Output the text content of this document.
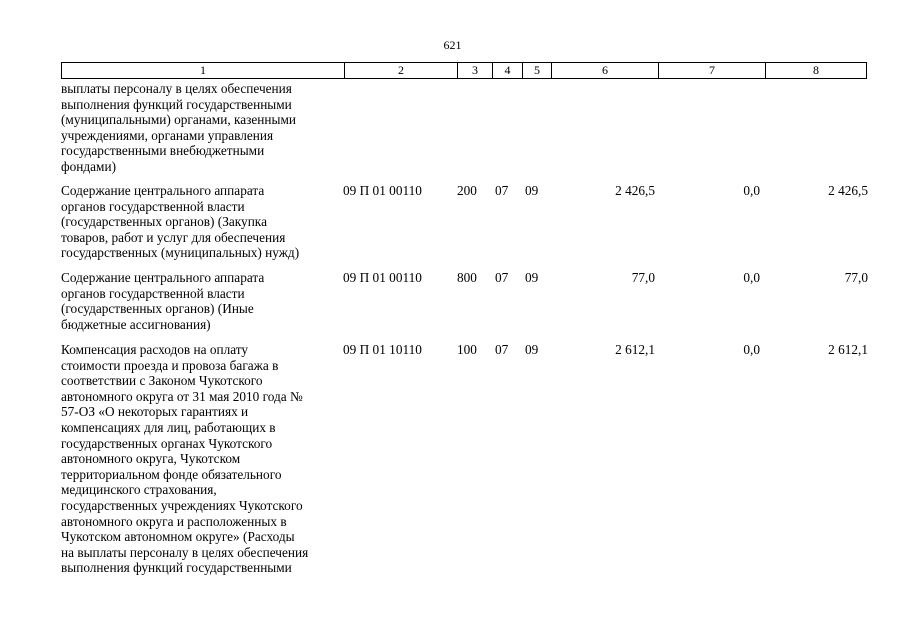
621
1	2	3	4	5	6	7	8
выплаты персоналу в целях обеспечения
выполнения функций государственными
(муниципальными) органами, казенными
учреждениями, органами управления
государственными внебюджетными
фондами)
Содержание центрального аппарата
органов государственной власти
(государственных органов) (Закупка
товаров, работ и услуг для обеспечения
государственных (муниципальных) нужд)
09 П 01 00110	200 07 09	2 426,5	0,0	2 426,5
Содержание центрального аппарата
органов государственной власти
(государственных органов) (Иные
бюджетные ассигнования)
09 П 01 00110	800 07 09	77,0	0,0	77,0
Компенсация расходов на оплату
стоимости проезда и провоза багажа в
соответствии с Законом Чукотского
автономного округа от 31 мая 2010 года №
57-ОЗ «О некоторых гарантиях и
компенсациях для лиц, работающих в
государственных органах Чукотского
автономного округа, Чукотском
территориальном фонде обязательного
медицинского страхования,
государственных учреждениях Чукотского
автономного округа и расположенных в
Чукотском автономном округе» (Расходы
на выплаты персоналу в целях обеспечения
выполнения функций государственными
09 П 01 10110	100 07 09	2 612,1	0,0	2 612,1
